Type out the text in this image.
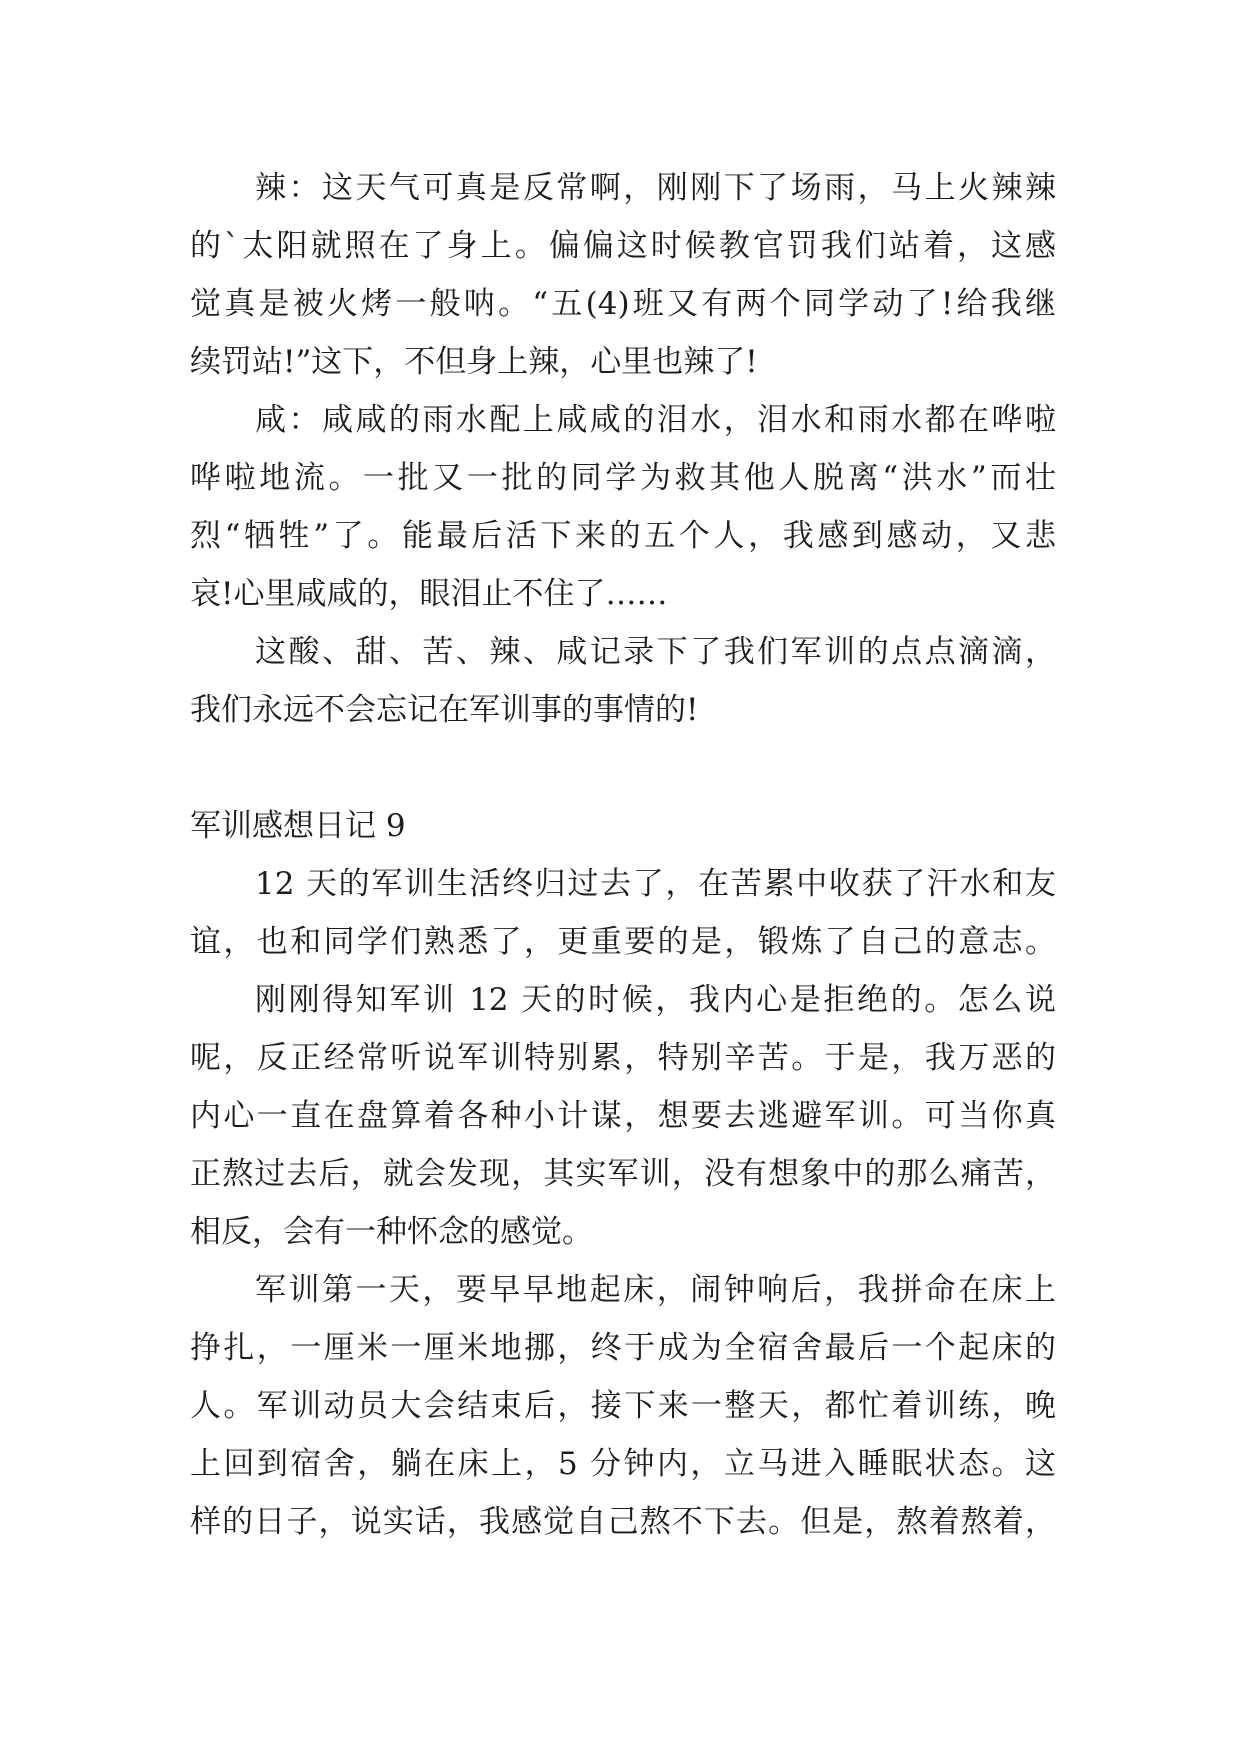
辣：这天气可真是反常啊，刚刚下了场雨，马上火辣辣
的`太阳就照在了身上。偏偏这时候教官罚我们站着，这感
觉真是被火烤一般呐。“五(4)班又有两个同学动了!给我继
续罚站!”这下，不但身上辣，心里也辣了!
咸：咸咸的雨水配上咸咸的泪水，泪水和雨水都在哗啦
哗啦地流。一批又一批的同学为救其他人脱离“洪水”而壮
烈“牺牲”了。能最后活下来的五个人，我感到感动，又悲
哀!心里咸咸的，眼泪止不住了……
这酸、甜、苦、辣、咸记录下了我们军训的点点滴滴，
我们永远不会忘记在军训事的事情的!
军训感想日记 9
12 天的军训生活终归过去了，在苦累中收获了汗水和友
谊，也和同学们熟悉了，更重要的是，锻炼了自己的意志。
刚刚得知军训 12 天的时候，我内心是拒绝的。怎么说
呢，反正经常听说军训特别累，特别辛苦。于是，我万恶的
内心一直在盘算着各种小计谋，想要去逃避军训。可当你真
正熬过去后，就会发现，其实军训，没有想象中的那么痛苦，
相反，会有一种怀念的感觉。
军训第一天，要早早地起床，闹钟响后，我拼命在床上
挣扎，一厘米一厘米地挪，终于成为全宿舍最后一个起床的
人。军训动员大会结束后，接下来一整天，都忙着训练，晚
上回到宿舍，躺在床上，5 分钟内，立马进入睡眠状态。这
样的日子，说实话，我感觉自己熬不下去。但是，熬着熬着，
